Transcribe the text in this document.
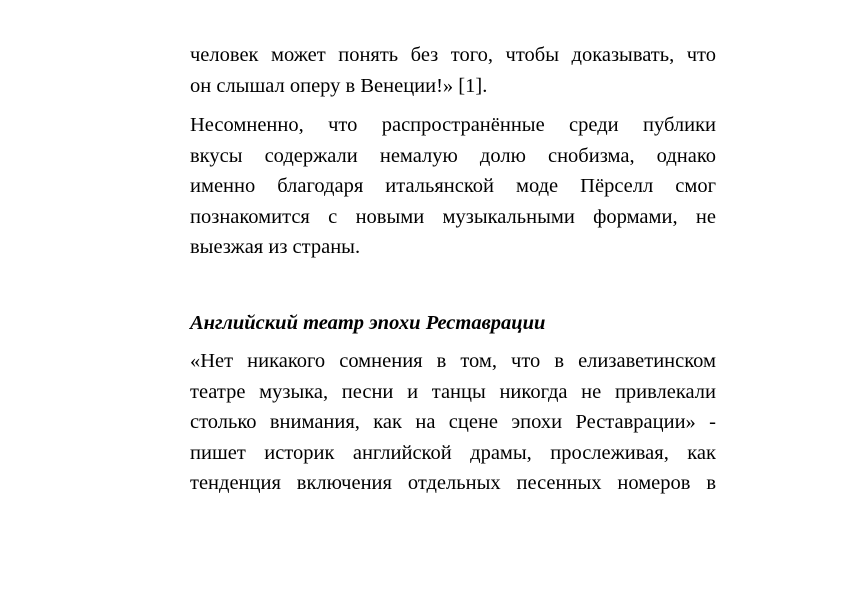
человек может понять без того, чтобы доказывать, что
он слышал оперу в Венеции!» [1].

Несомненно, что распространённые среди публики
вкусы содержали немалую долю снобизма, однако
именно благодаря итальянской моде Пёрселл смог
познакомится с новыми музыкальными формами, не
выезжая из страны.

Английский театр эпохи Реставрации

«Нет никакого сомнения в том, что в елизаветинском
театре музыка, песни и танцы никогда не привлекали
столько внимания, как на сцене эпохи Реставрации» -
пишет историк английской драмы, прослеживая, как
тенденция включения отдельных песенных номеров в
